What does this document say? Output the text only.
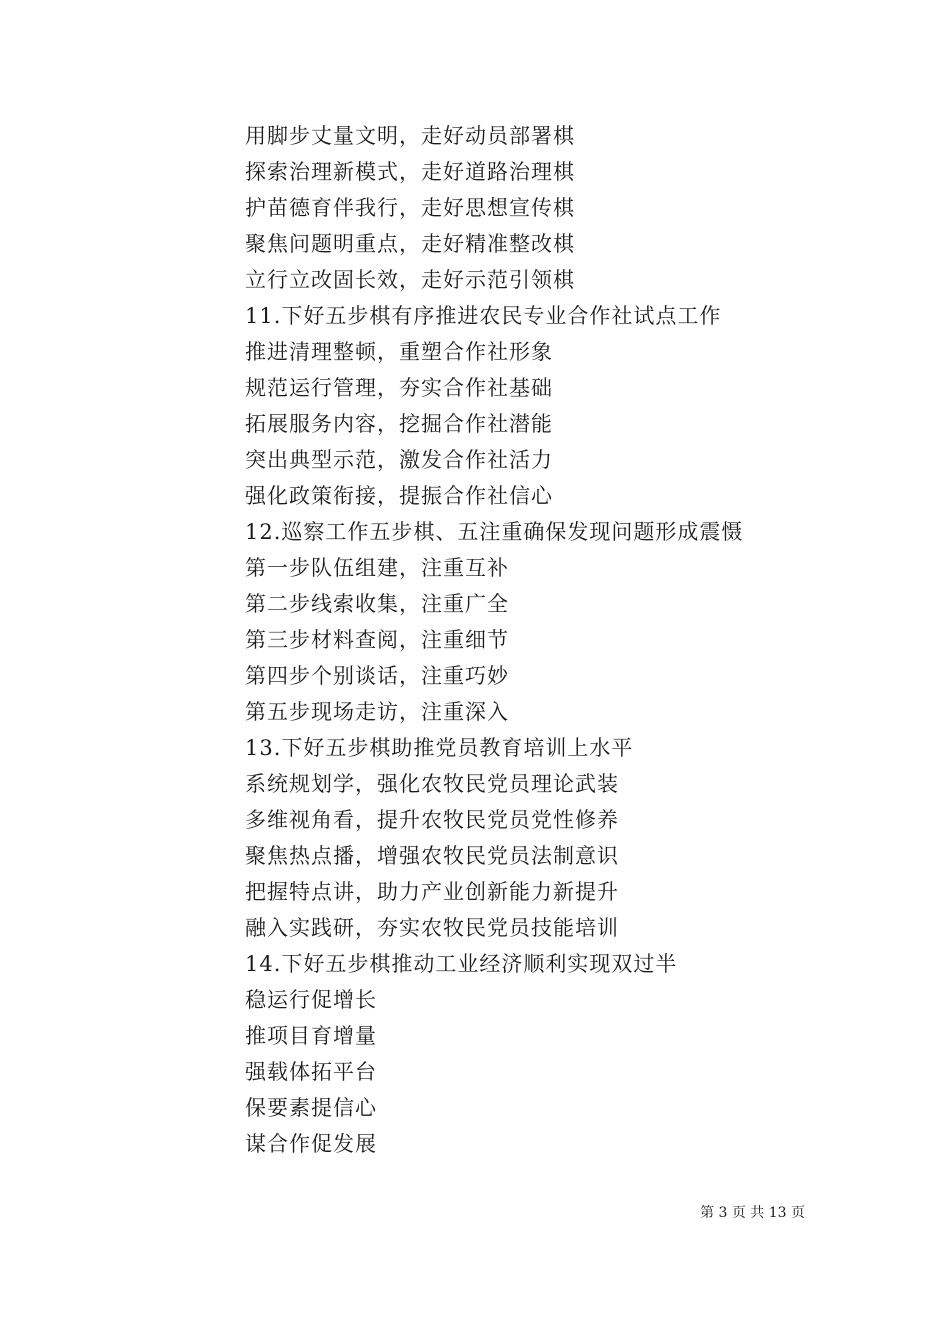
用脚步丈量文明，走好动员部署棋
探索治理新模式，走好道路治理棋
护苗德育伴我行，走好思想宣传棋
聚焦问题明重点，走好精准整改棋
立行立改固长效，走好示范引领棋
11.下好五步棋有序推进农民专业合作社试点工作
推进清理整顿，重塑合作社形象
规范运行管理，夯实合作社基础
拓展服务内容，挖掘合作社潜能
突出典型示范，激发合作社活力
强化政策衔接，提振合作社信心
12.巡察工作五步棋、五注重确保发现问题形成震慑
第一步队伍组建，注重互补
第二步线索收集，注重广全
第三步材料查阅，注重细节
第四步个别谈话，注重巧妙
第五步现场走访，注重深入
13.下好五步棋助推党员教育培训上水平
系统规划学，强化农牧民党员理论武装
多维视角看，提升农牧民党员党性修养
聚焦热点播，增强农牧民党员法制意识
把握特点讲，助力产业创新能力新提升
融入实践研，夯实农牧民党员技能培训
14.下好五步棋推动工业经济顺利实现双过半
稳运行促增长
推项目育增量
强载体拓平台
保要素提信心
谋合作促发展
第 3 页 共 13 页
